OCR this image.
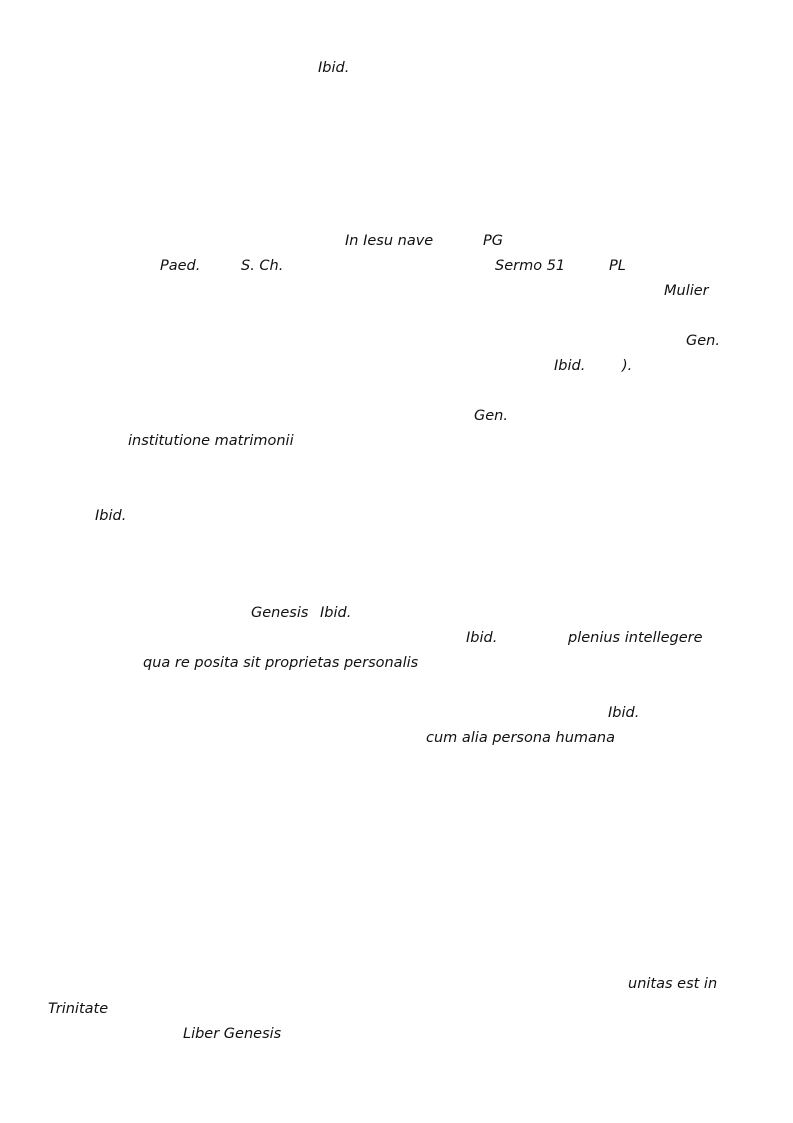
Ibid.
In Iesu nave	PG
Paed.	S. Ch.	Sermo 51	PL
Mulier
Gen.
Ibid.	).
Gen.
institutione matrimonii
Ibid.
Genesis Ibid.
Ibid.	plenius intellegere
qua re posita sit proprietas personalis
Ibid.
cum alia persona humana
unitas est in
Trinitate
Liber Genesis
